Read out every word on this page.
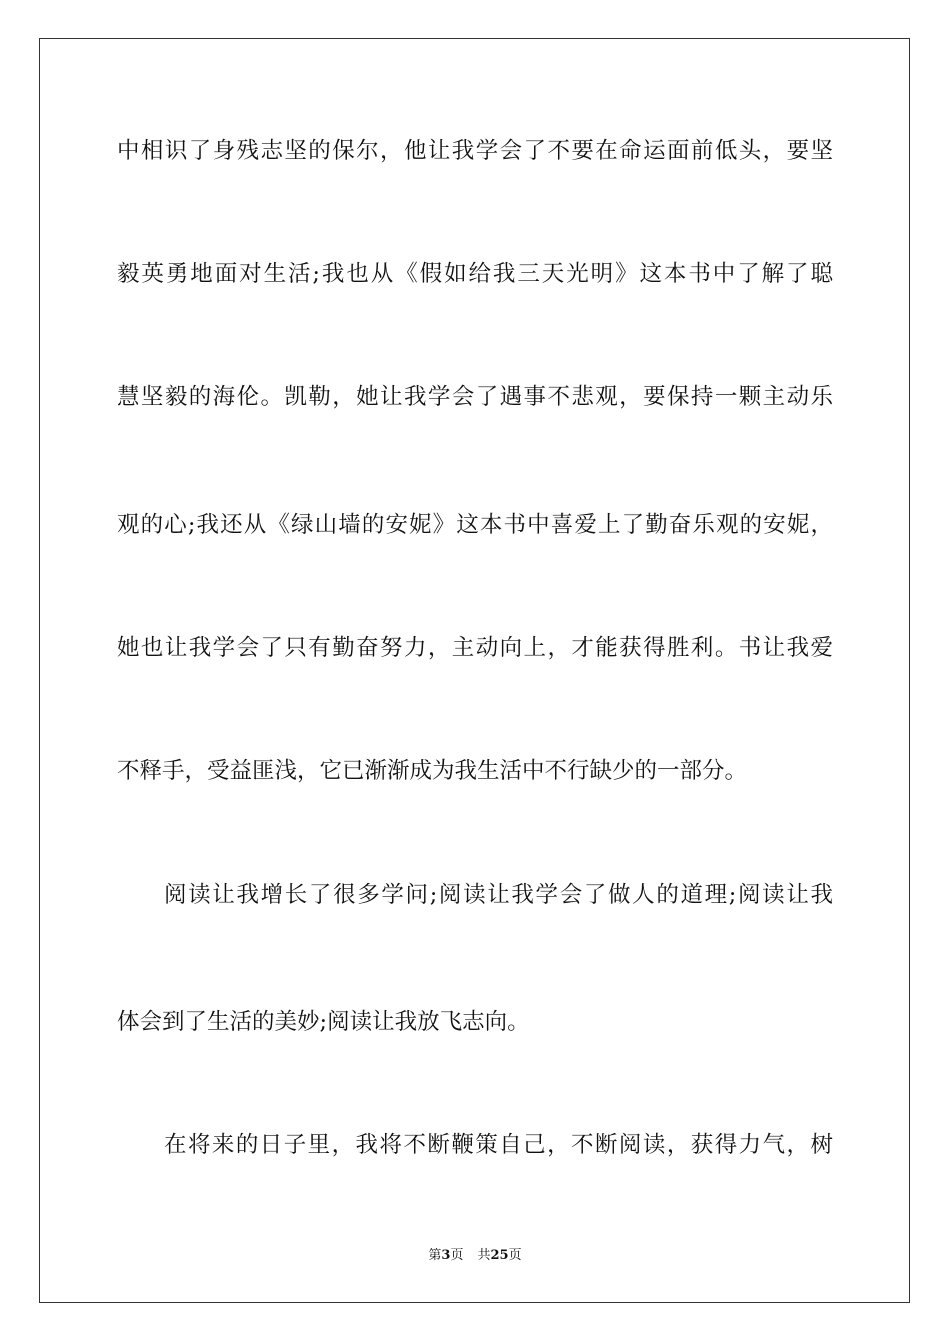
中相识了身残志坚的保尔，他让我学会了不要在命运面前低头，要坚
毅英勇地面对生活;我也从《假如给我三天光明》这本书中了解了聪
慧坚毅的海伦。凯勒，她让我学会了遇事不悲观，要保持一颗主动乐
观的心;我还从《绿山墙的安妮》这本书中喜爱上了勤奋乐观的安妮，
她也让我学会了只有勤奋努力，主动向上，才能获得胜利。书让我爱
不释手，受益匪浅，它已渐渐成为我生活中不行缺少的一部分。
阅读让我增长了很多学问;阅读让我学会了做人的道理;阅读让我
体会到了生活的美妙;阅读让我放飞志向。
在将来的日子里，我将不断鞭策自己，不断阅读，获得力气，树
第3页 共25页
